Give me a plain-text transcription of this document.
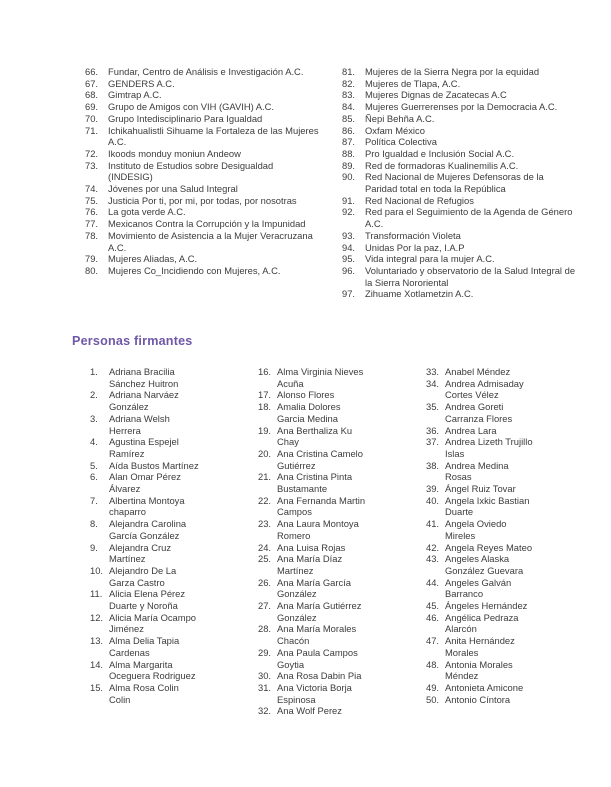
66.	Fundar, Centro de Análisis e Investigación A.C.
67.	GENDERS A.C.
68.	Gimtrap A.C.
69.	Grupo de Amigos con VIH (GAVIH) A.C.
70.	Grupo Intedisciplinario Para Igualdad
71.	Ichikahualistli Sihuame la Fortaleza de las Mujeres A.C.
72.	Ikoods monduy moniun Andeow
73.	Instituto de Estudios sobre Desigualdad (INDESIG)
74.	Jóvenes por una Salud Integral
75.	Justicia Por ti, por mi, por todas, por nosotras
76.	La gota verde A.C.
77.	Mexicanos Contra la Corrupción y la Impunidad
78.	Movimiento de Asistencia a la Mujer Veracruzana A.C.
79.	Mujeres Aliadas, A.C.
80.	Mujeres Co_Incidiendo con Mujeres, A.C.
81.	Mujeres de la Sierra Negra por la equidad
82.	Mujeres de Tlapa, A.C.
83.	Mujeres Dignas de Zacatecas A.C
84.	Mujeres Guerrerenses por la Democracia A.C.
85.	Ñepi Behña A.C.
86.	Oxfam México
87.	Política Colectiva
88.	Pro Igualdad e Inclusión Social A.C.
89.	Red de formadoras Kualinemilis A.C.
90.	Red Nacional de Mujeres Defensoras de la Paridad total en toda la República
91.	Red Nacional de Refugios
92.	Red para el Seguimiento de la Agenda de Género A.C.
93.	Transformación Violeta
94.	Unidas Por la paz, I.A.P
95.	Vida integral para la mujer A.C.
96.	Voluntariado y observatorio de la Salud Integral de la Sierra Nororiental
97.	Zihuame Xotlametzin A.C.
Personas firmantes
1.	Adriana Bracilia Sánchez Huitron
2.	Adriana Narváez González
3.	Adriana Welsh Herrera
4.	Agustina Espejel Ramírez
5.	Aída Bustos Martínez
6.	Alan Omar Pérez Álvarez
7.	Albertina Montoya chaparro
8.	Alejandra Carolina García González
9.	Alejandra Cruz Martínez
10. Alejandro De La Garza Castro
11. Alicia Elena Pérez Duarte y Noroña
12. Alicia María Ocampo Jiménez
13. Alma Delia Tapia Cardenas
14. Alma Margarita Oceguera Rodriguez
15. Alma Rosa Colin Colin
16. Alma Virginia Nieves Acuña
17. Alonso Flores
18. Amalia Dolores Garcia Medina
19. Ana Berthaliza Ku Chay
20. Ana Cristina Camelo Gutiérrez
21. Ana Cristina Pinta Bustamante
22. Ana Fernanda Martin Campos
23. Ana Laura Montoya Romero
24. Ana Luisa Rojas
25. Ana María Díaz Martínez
26. Ana María García González
27. Ana María Gutiérrez González
28. Ana María Morales Chacón
29. Ana Paula Campos Goytia
30. Ana Rosa Dabin Pia
31. Ana Victoria Borja Espinosa
32. Ana Wolf Perez
33. Anabel Méndez
34. Andrea Admisaday Cortes Vélez
35. Andrea Goreti Carranza Flores
36. Andrea Lara
37. Andrea Lizeth Trujillo Islas
38. Andrea Medina Rosas
39. Ángel Ruiz Tovar
40. Angela Ixkic Bastian Duarte
41. Angela Oviedo Mireles
42. Angela Reyes Mateo
43. Angeles Alaska González Guevara
44. Angeles Galván Barranco
45. Ángeles Hernández
46. Angélica Pedraza Alarcón
47. Anita Hernández Morales
48. Antonia Morales Méndez
49. Antonieta Amicone
50. Antonio Cíntora
